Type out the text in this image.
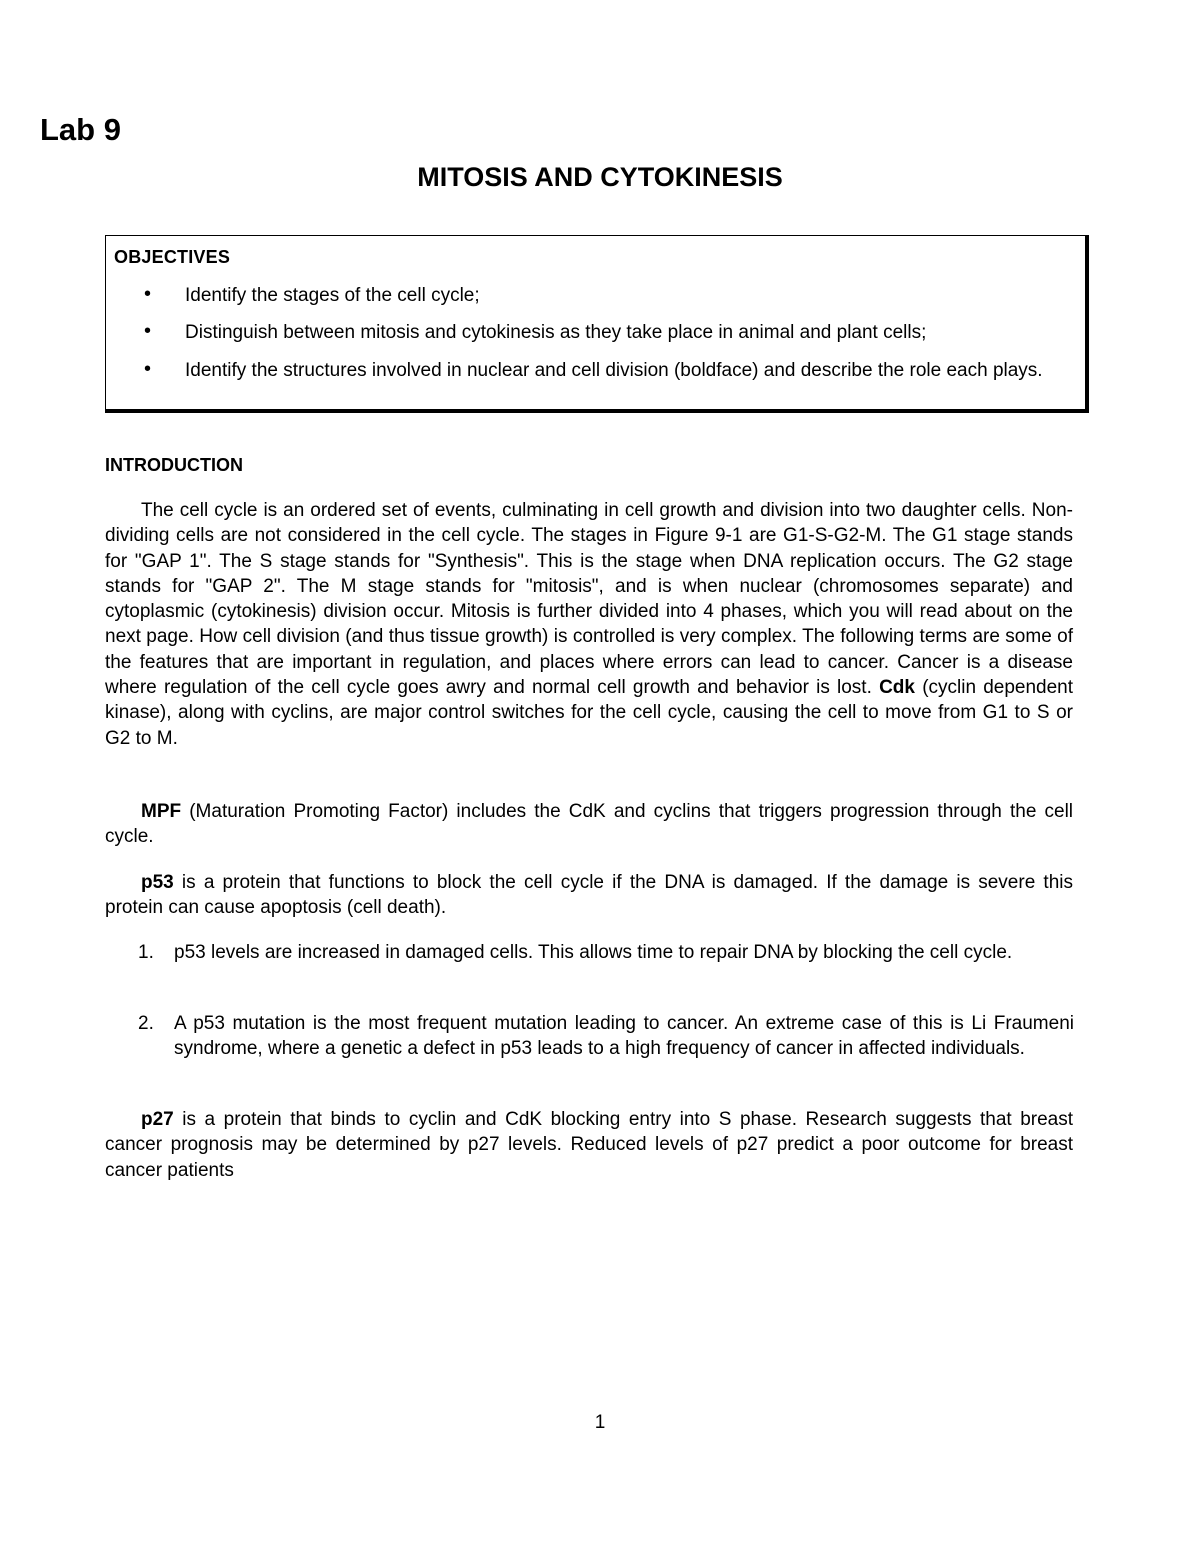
Lab 9
MITOSIS AND CYTOKINESIS
OBJECTIVES
• Identify the stages of the cell cycle;
• Distinguish between mitosis and cytokinesis as they take place in animal and plant cells;
• Identify the structures involved in nuclear and cell division (boldface) and describe the role each plays.
INTRODUCTION

The cell cycle is an ordered set of events, culminating in cell growth and division into two daughter cells. Non-dividing cells are not considered in the cell cycle. The stages in Figure 9-1 are G1-S-G2-M. The G1 stage stands for "GAP 1". The S stage stands for "Synthesis". This is the stage when DNA replication occurs. The G2 stage stands for "GAP 2". The M stage stands for "mitosis", and is when nuclear (chromosomes separate) and cytoplasmic (cytokinesis) division occur. Mitosis is further divided into 4 phases, which you will read about on the next page. How cell division (and thus tissue growth) is controlled is very complex. The following terms are some of the features that are important in regulation, and places where errors can lead to cancer. Cancer is a disease where regulation of the cell cycle goes awry and normal cell growth and behavior is lost. Cdk (cyclin dependent kinase), along with cyclins, are major control switches for the cell cycle, causing the cell to move from G1 to S or G2 to M.

MPF (Maturation Promoting Factor) includes the CdK and cyclins that triggers progression through the cell cycle.

p53 is a protein that functions to block the cell cycle if the DNA is damaged. If the damage is severe this protein can cause apoptosis (cell death).

1. p53 levels are increased in damaged cells. This allows time to repair DNA by blocking the cell cycle.
2. A p53 mutation is the most frequent mutation leading to cancer. An extreme case of this is Li Fraumeni syndrome, where a genetic a defect in p53 leads to a high frequency of cancer in affected individuals.

p27 is a protein that binds to cyclin and CdK blocking entry into S phase. Research suggests that breast cancer prognosis may be determined by p27 levels. Reduced levels of p27 predict a poor outcome for breast cancer patients

1
